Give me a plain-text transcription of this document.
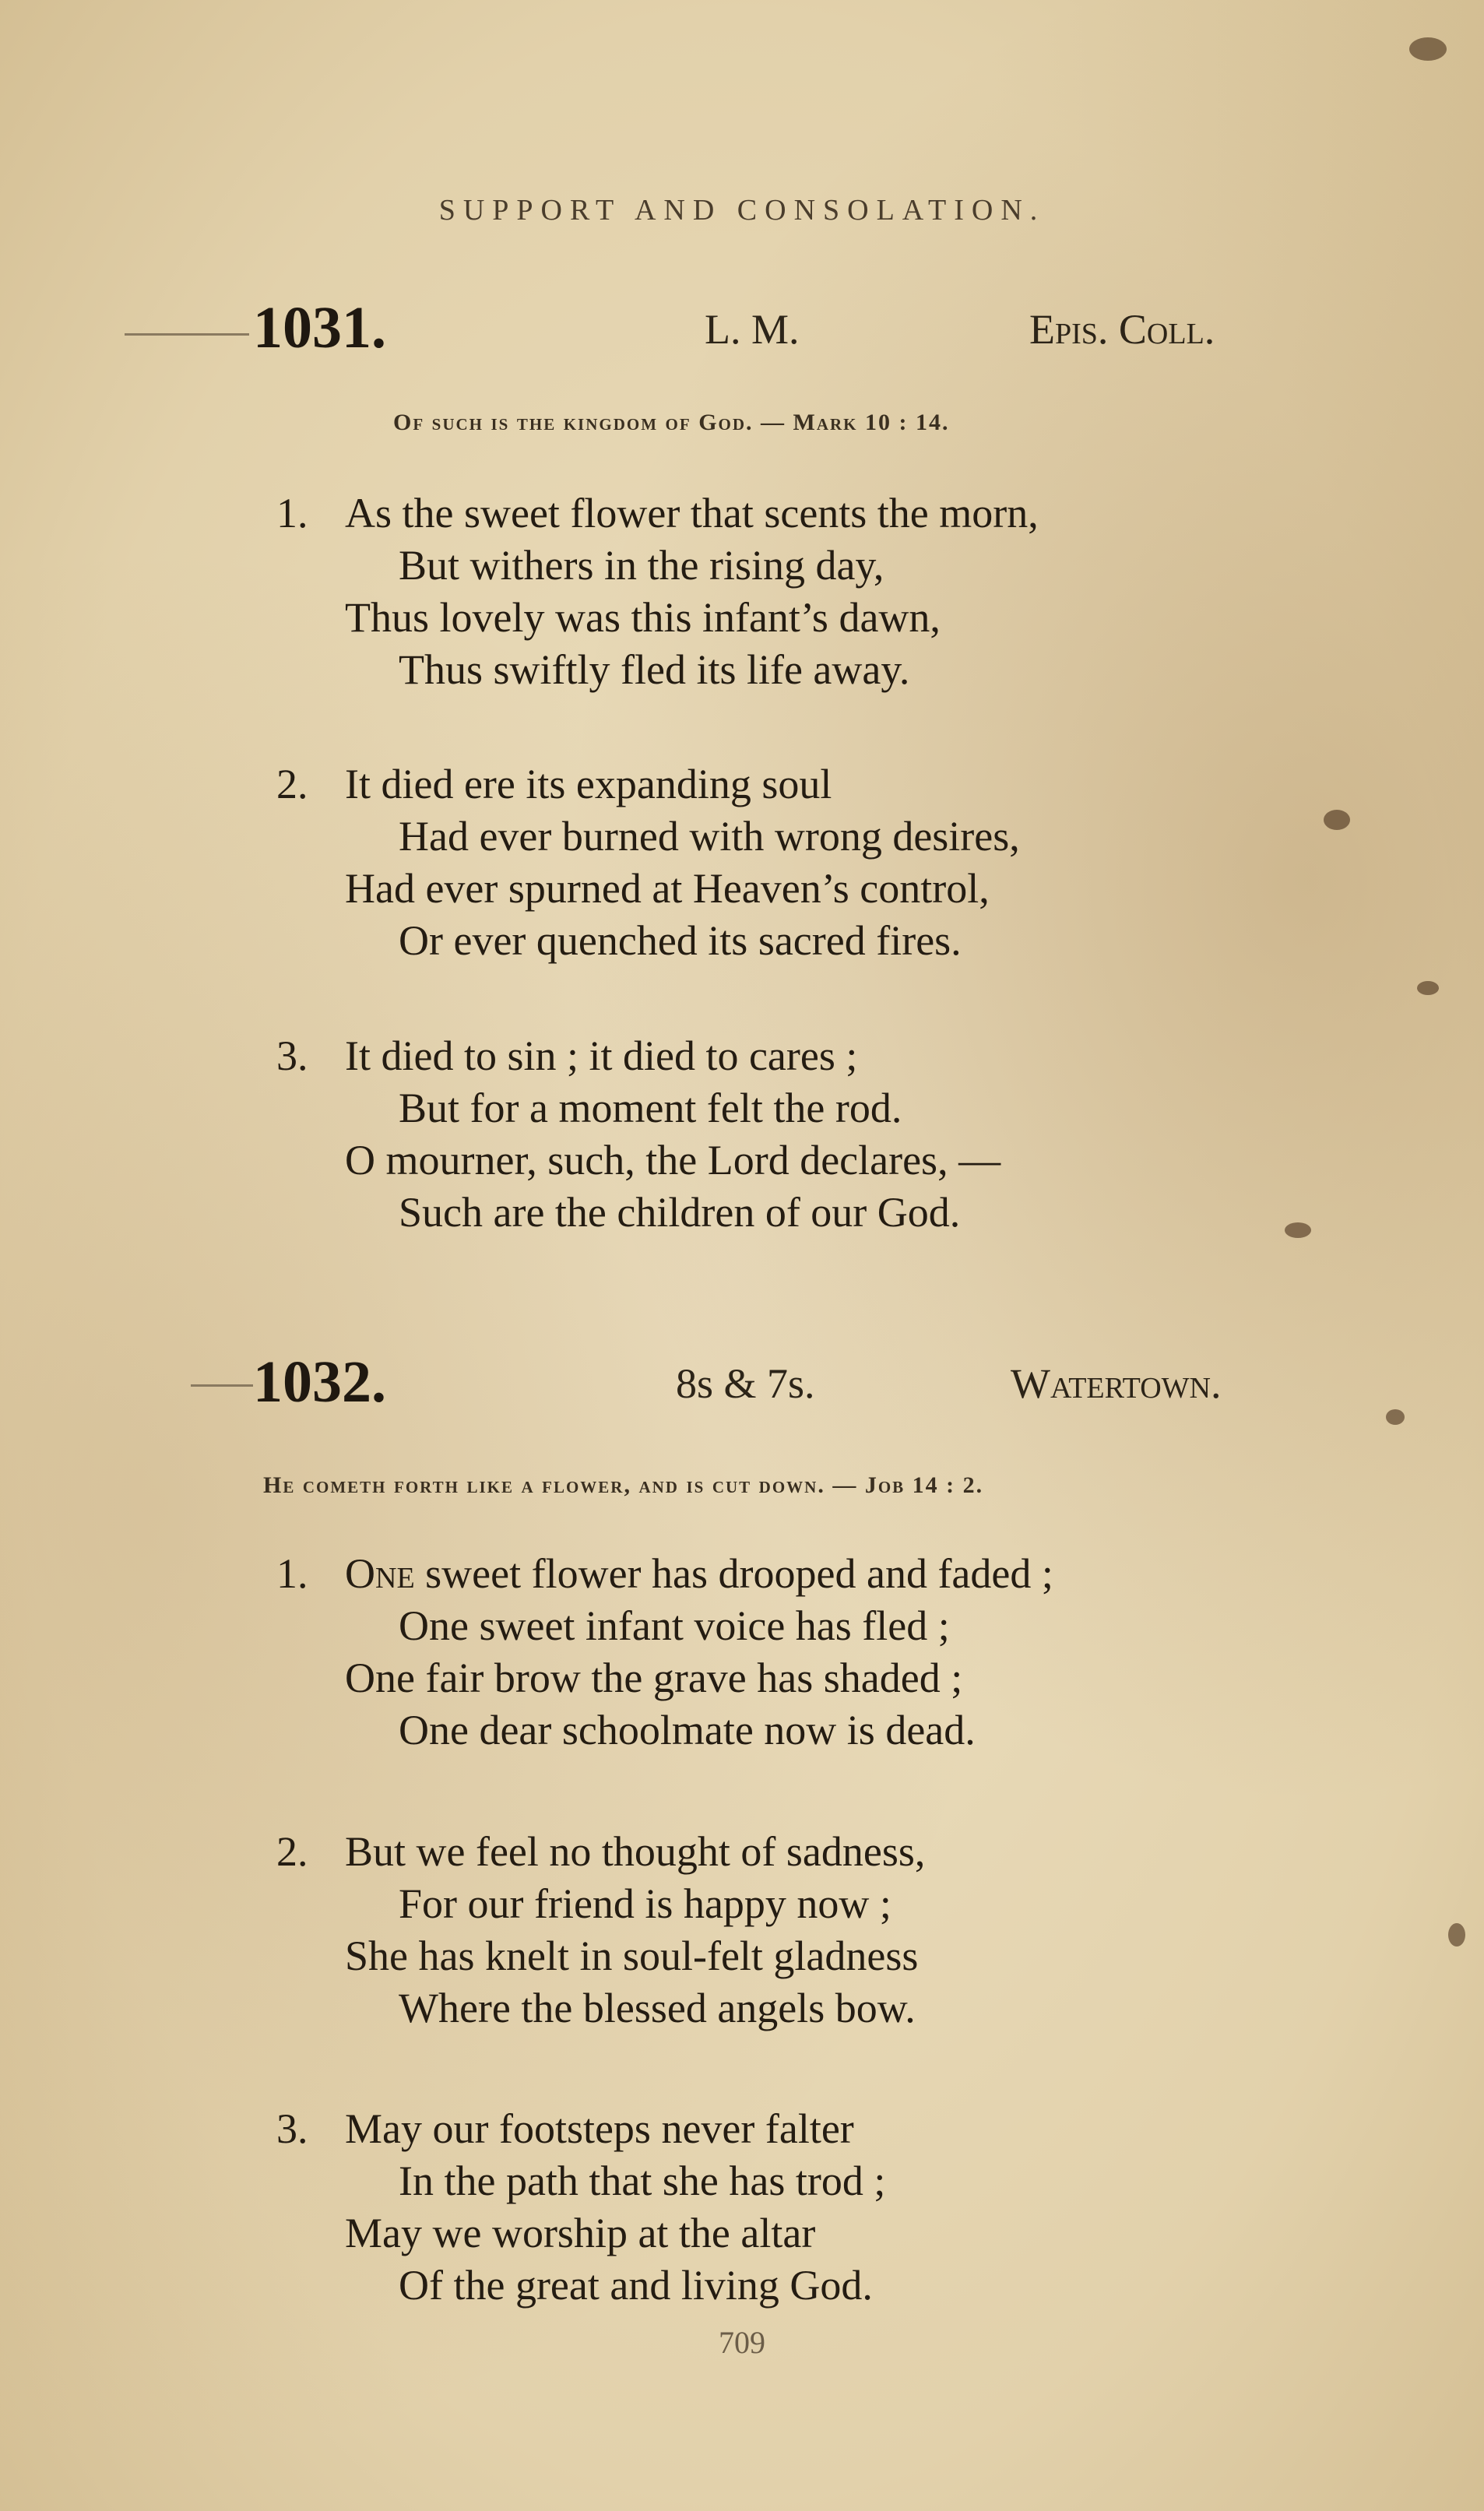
SUPPORT AND CONSOLATION.
1031.	L. M.	Epis. Coll.
Of such is the kingdom of God. — Mark 10 : 14.
1. As the sweet flower that scents the morn,
But withers in the rising day,
Thus lovely was this infant’s dawn,
Thus swiftly fled its life away.
2. It died ere its expanding soul
Had ever burned with wrong desires,
Had ever spurned at Heaven’s control,
Or ever quenched its sacred fires.
3. It died to sin ; it died to cares ;
But for a moment felt the rod.
O mourner, such, the Lord declares, —
Such are the children of our God.
1032.	8s & 7s.	Watertown.
He cometh forth like a flower, and is cut down. — Job 14 : 2.
1. One sweet flower has drooped and faded ;
One sweet infant voice has fled ;
One fair brow the grave has shaded ;
One dear schoolmate now is dead.
2. But we feel no thought of sadness,
For our friend is happy now ;
She has knelt in soul-felt gladness
Where the blessed angels bow.
3. May our footsteps never falter
In the path that she has trod ;
May we worship at the altar
Of the great and living God.
709
